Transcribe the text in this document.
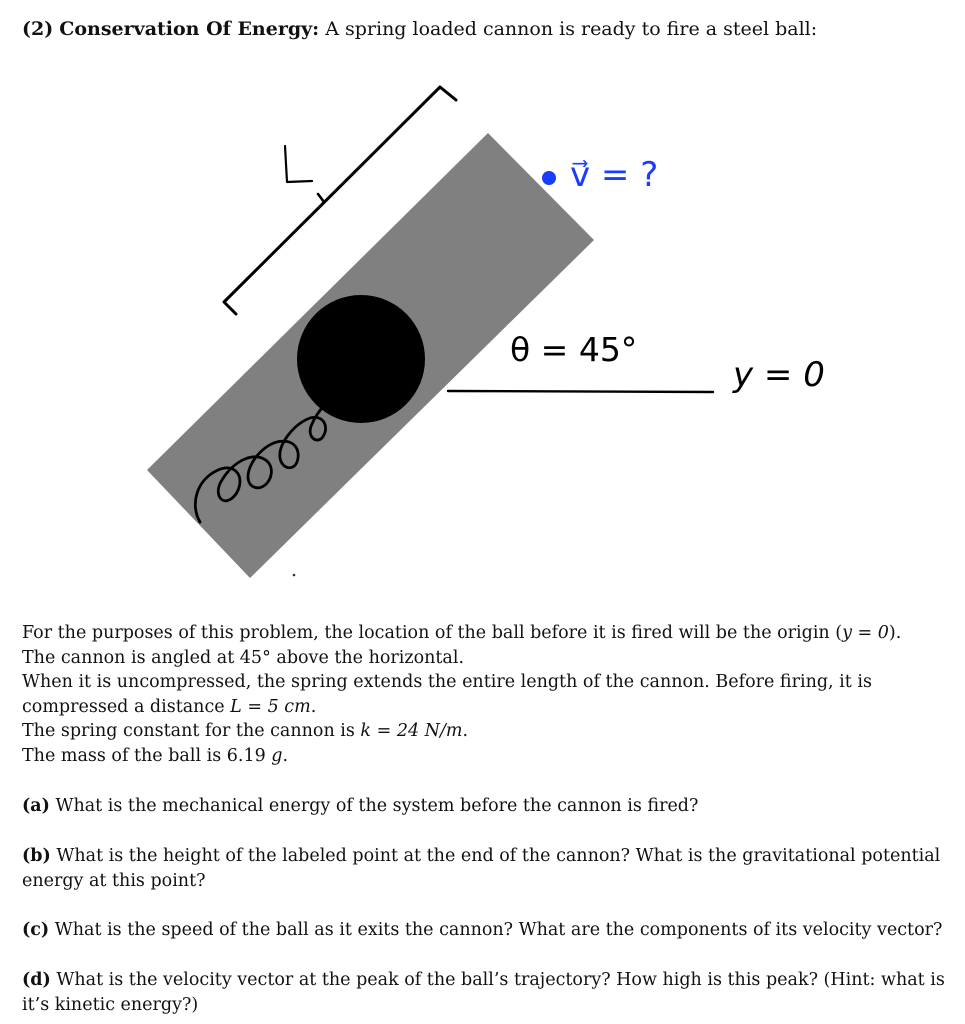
(2) Conservation Of Energy: A spring loaded cannon is ready to fire a steel ball:
v⃗ = ?
θ = 45°
y = 0

For the purposes of this problem, the location of the ball before it is fired will be the origin (y = 0).

The cannon is angled at 45° above the horizontal.

When it is uncompressed, the spring extends the entire length of the cannon. Before firing, it is compressed a distance L = 5 cm.

The spring constant for the cannon is k = 24 N/m.

The mass of the ball is 6.19 g.

(a) What is the mechanical energy of the system before the cannon is fired?
(b) What is the height of the labeled point at the end of the cannon? What is the gravitational potential energy at this point?
(c) What is the speed of the ball as it exits the cannon? What are the components of its velocity vector?
(d) What is the velocity vector at the peak of the ball’s trajectory? How high is this peak? (Hint: what is it’s kinetic energy?)
